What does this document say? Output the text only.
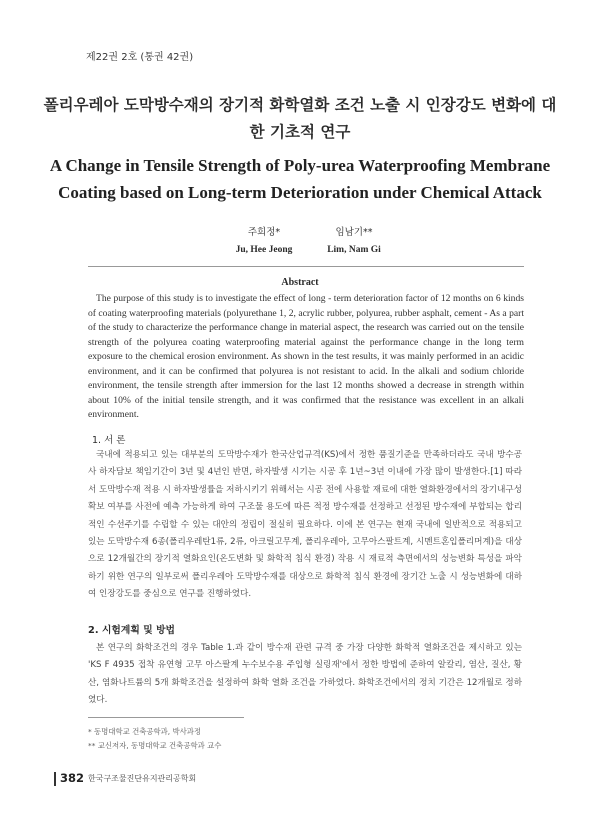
제22권 2호 (통권 42권)
폴리우레아 도막방수재의 장기적 화학열화 조건 노출 시 인장강도 변화에 대한 기초적 연구
A Change in Tensile Strength of Poly-urea Waterproofing Membrane Coating based on Long-term Deterioration under Chemical Attack
주희정*
Ju, Hee Jeong
임남기**
Lim, Nam Gi
Abstract
The purpose of this study is to investigate the effect of long - term deterioration factor of 12 months on 6 kinds of coating waterproofing materials (polyurethane 1, 2, acrylic rubber, polyurea, rubber asphalt, cement - As a part of the study to characterize the performance change in material aspect, the research was carried out on the tensile strength of the polyurea coating waterproofing material against the performance change in the long term exposure to the chemical erosion environment. As shown in the test results, it was mainly performed in an acidic environment, and it can be confirmed that polyurea is not resistant to acid. In the alkali and sodium chloride environment, the tensile strength after immersion for the last 12 months showed a decrease in strength within about 10% of the initial tensile strength, and it was confirmed that the resistance was excellent in an alkali environment.
1. 서 론
국내에 적용되고 있는 대부분의 도막방수재가 한국산업규격(KS)에서 정한 품질기준을 만족하더라도 국내 방수공사 하자담보 책임기간이 3년 및 4년인 반면, 하자발생 시기는 시공 후 1년~3년 이내에 가장 많이 발생한다.[1] 따라서 도막방수재 적용 시 하자발생률을 저하시키기 위해서는 시공 전에 사용할 재료에 대한 열화환경에서의 장기내구성 확보 여부를 사전에 예측 가능하게 하여 구조물 용도에 따른 적정 방수재를 선정하고 선정된 방수재에 부합되는 합리적인 수선주기를 수립할 수 있는 대안의 정립이 절실히 필요하다. 이에 본 연구는 현재 국내에 일반적으로 적용되고 있는 도막방수재 6종(폴리우레탄1류, 2류, 아크릴고무계, 폴리우레아, 고무아스팔트계, 시멘트혼입폴리머계)을 대상으로 12개월간의 장기적 열화요인(온도변화 및 화학적 침식 환경) 작용 시 재료적 측면에서의 성능변화 특성을 파악하기 위한 연구의 일부로써 폴리우레아 도막방수재를 대상으로 화학적 침식 환경에 장기간 노출 시 성능변화에 대하여 인장강도를 중심으로 연구를 진행하였다.
2. 시험계획 및 방법
본 연구의 화학조건의 경우 Table 1.과 같이 방수재 관련 규격 중 가장 다양한 화학적 열화조건을 제시하고 있는 'KS F 4935 접착 유연형 고무 아스팔계 누수보수용 주입형 실링재'에서 정한 방법에 준하여 알칼리, 염산, 질산, 황산, 염화나트륨의 5개 화학조건을 설정하여 화학 열화 조건을 가하였다. 화학조건에서의 정치 기간은 12개월로 정하였다.
* 동명대학교 건축공학과, 박사과정
** 교신저자, 동명대학교 건축공학과 교수
382 한국구조물진단유지관리공학회
